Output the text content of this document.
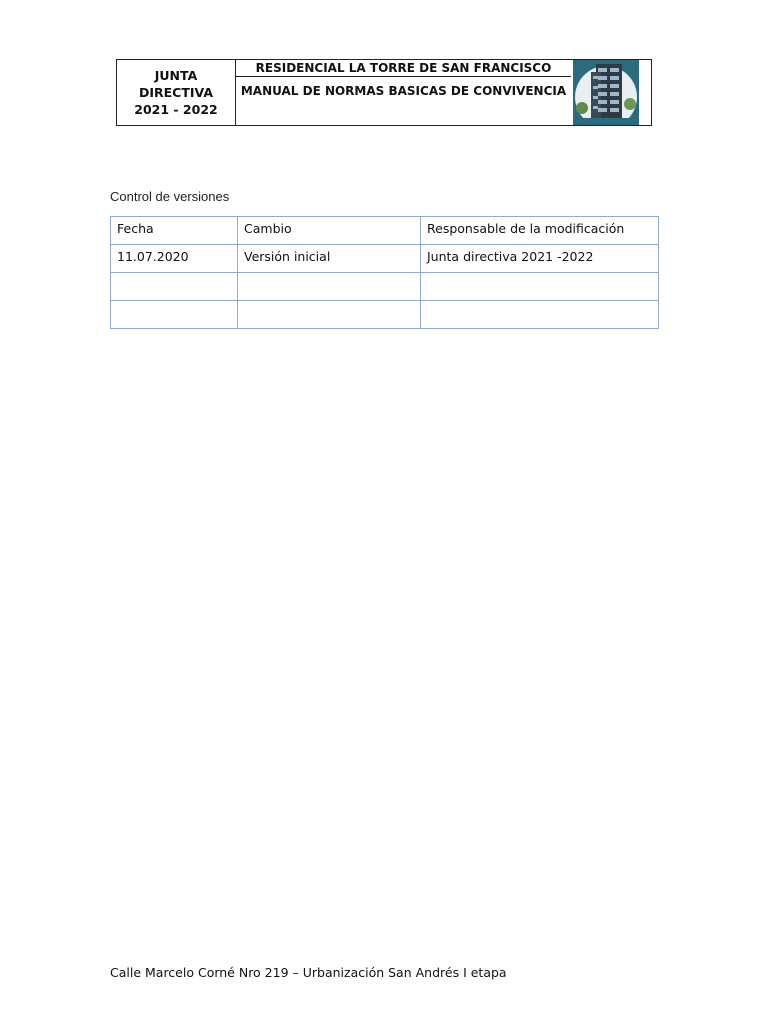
JUNTA DIRECTIVA 2021 - 2022
RESIDENCIAL LA TORRE DE SAN FRANCISCO
MANUAL DE NORMAS BASICAS DE CONVIVENCIA
Control de versiones
Fecha	Cambio	Responsable de la modificación
11.07.2020	Versión inicial	Junta directiva 2021 -2022

Calle Marcelo Corné Nro 219 – Urbanización San Andrés I etapa
